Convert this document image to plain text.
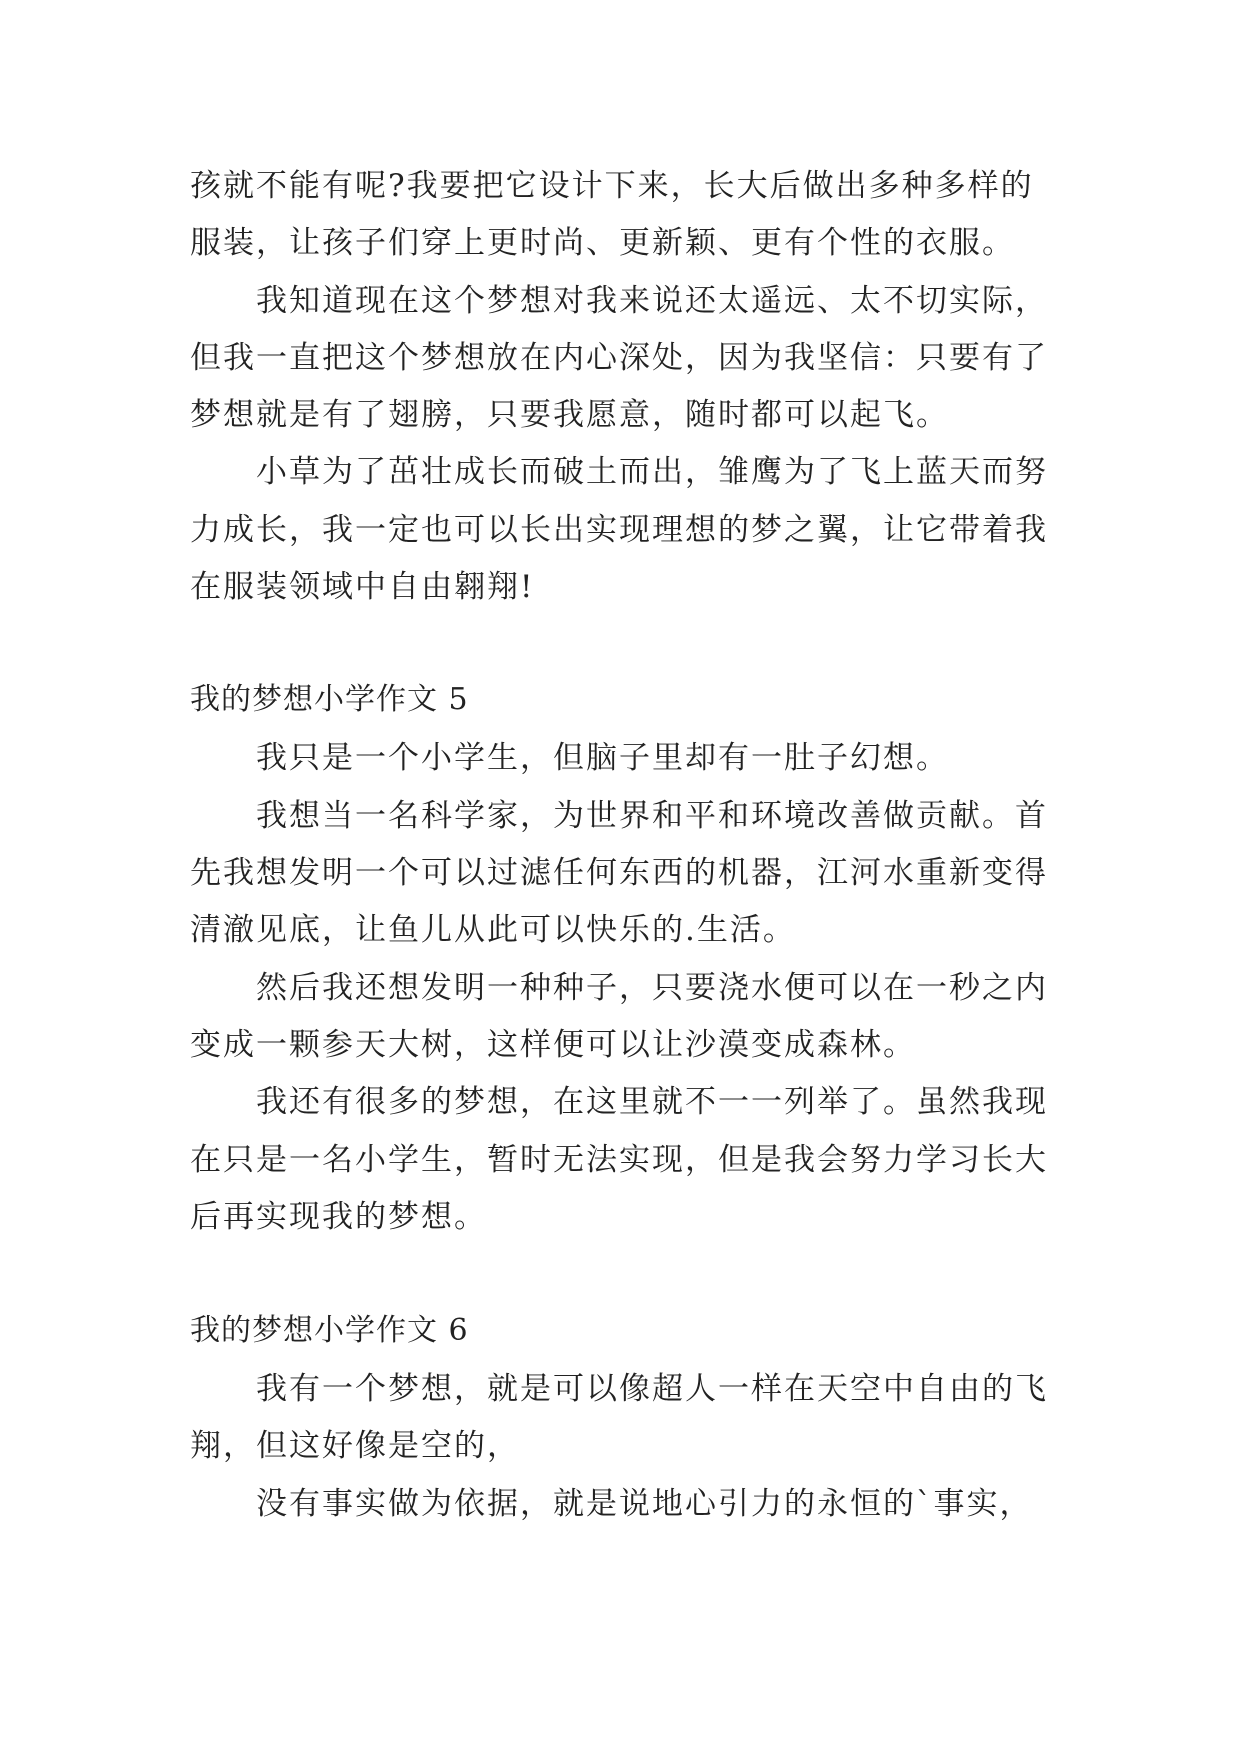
孩就不能有呢?我要把它设计下来，长大后做出多种多样的
服装，让孩子们穿上更时尚、更新颖、更有个性的衣服。
我知道现在这个梦想对我来说还太遥远、太不切实际，
但我一直把这个梦想放在内心深处，因为我坚信：只要有了
梦想就是有了翅膀，只要我愿意，随时都可以起飞。
小草为了茁壮成长而破土而出，雏鹰为了飞上蓝天而努
力成长，我一定也可以长出实现理想的梦之翼，让它带着我
在服装领域中自由翱翔!
我的梦想小学作文 5
我只是一个小学生，但脑子里却有一肚子幻想。
我想当一名科学家，为世界和平和环境改善做贡献。首
先我想发明一个可以过滤任何东西的机器，江河水重新变得
清澈见底，让鱼儿从此可以快乐的.生活。
然后我还想发明一种种子，只要浇水便可以在一秒之内
变成一颗参天大树，这样便可以让沙漠变成森林。
我还有很多的梦想，在这里就不一一列举了。虽然我现
在只是一名小学生，暂时无法实现，但是我会努力学习长大
后再实现我的梦想。
我的梦想小学作文 6
我有一个梦想，就是可以像超人一样在天空中自由的飞
翔，但这好像是空的，
没有事实做为依据，就是说地心引力的永恒的`事实，
